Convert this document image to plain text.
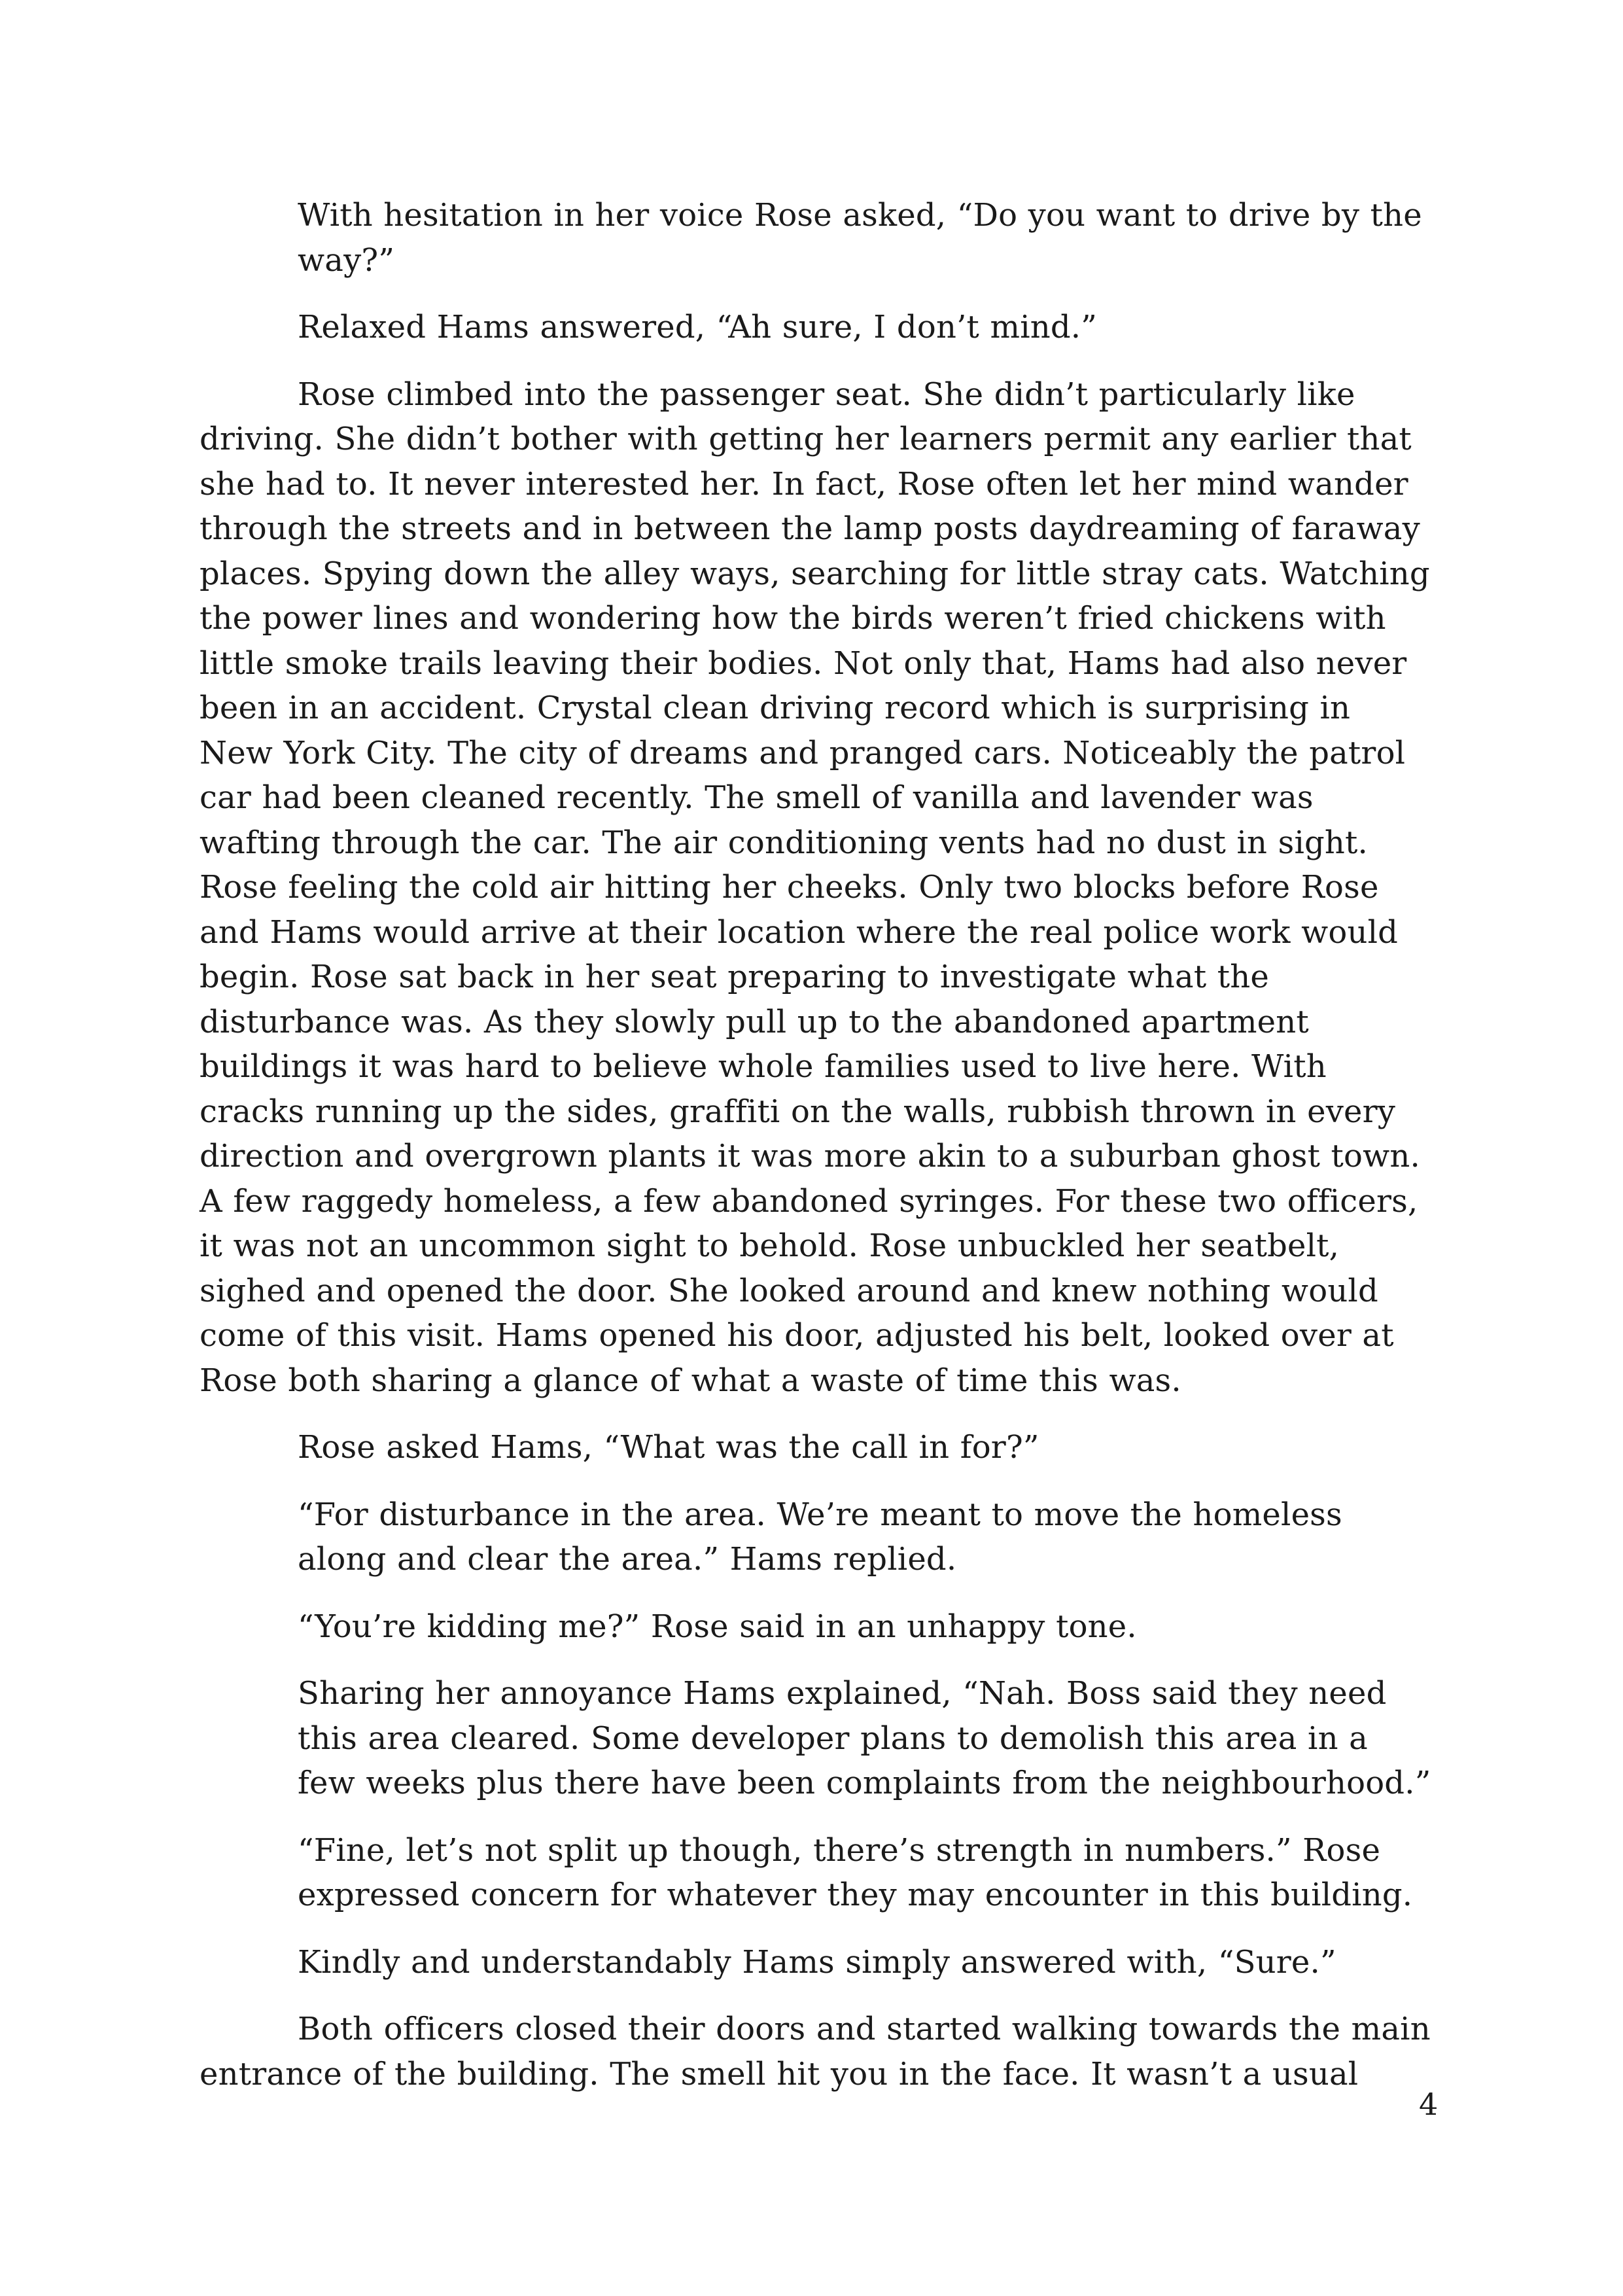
With hesitation in her voice Rose asked, “Do you want to drive by the way?”

Relaxed Hams answered, “Ah sure, I don’t mind.”

Rose climbed into the passenger seat. She didn’t particularly like driving. She didn’t bother with getting her learners permit any earlier that she had to. It never interested her. In fact, Rose often let her mind wander through the streets and in between the lamp posts daydreaming of faraway places. Spying down the alley ways, searching for little stray cats. Watching the power lines and wondering how the birds weren’t fried chickens with little smoke trails leaving their bodies. Not only that, Hams had also never been in an accident. Crystal clean driving record which is surprising in New York City. The city of dreams and pranged cars. Noticeably the patrol car had been cleaned recently. The smell of vanilla and lavender was wafting through the car. The air conditioning vents had no dust in sight. Rose feeling the cold air hitting her cheeks. Only two blocks before Rose and Hams would arrive at their location where the real police work would begin. Rose sat back in her seat preparing to investigate what the disturbance was. As they slowly pull up to the abandoned apartment buildings it was hard to believe whole families used to live here. With cracks running up the sides, graffiti on the walls, rubbish thrown in every direction and overgrown plants it was more akin to a suburban ghost town. A few raggedy homeless, a few abandoned syringes. For these two officers, it was not an uncommon sight to behold. Rose unbuckled her seatbelt, sighed and opened the door. She looked around and knew nothing would come of this visit. Hams opened his door, adjusted his belt, looked over at Rose both sharing a glance of what a waste of time this was.

Rose asked Hams, “What was the call in for?”

“For disturbance in the area. We’re meant to move the homeless along and clear the area.” Hams replied.

“You’re kidding me?” Rose said in an unhappy tone.

Sharing her annoyance Hams explained, “Nah. Boss said they need this area cleared. Some developer plans to demolish this area in a few weeks plus there have been complaints from the neighbourhood.”

“Fine, let’s not split up though, there’s strength in numbers.” Rose expressed concern for whatever they may encounter in this building.

Kindly and understandably Hams simply answered with, “Sure.”

Both officers closed their doors and started walking towards the main entrance of the building. The smell hit you in the face. It wasn’t a usual

4
